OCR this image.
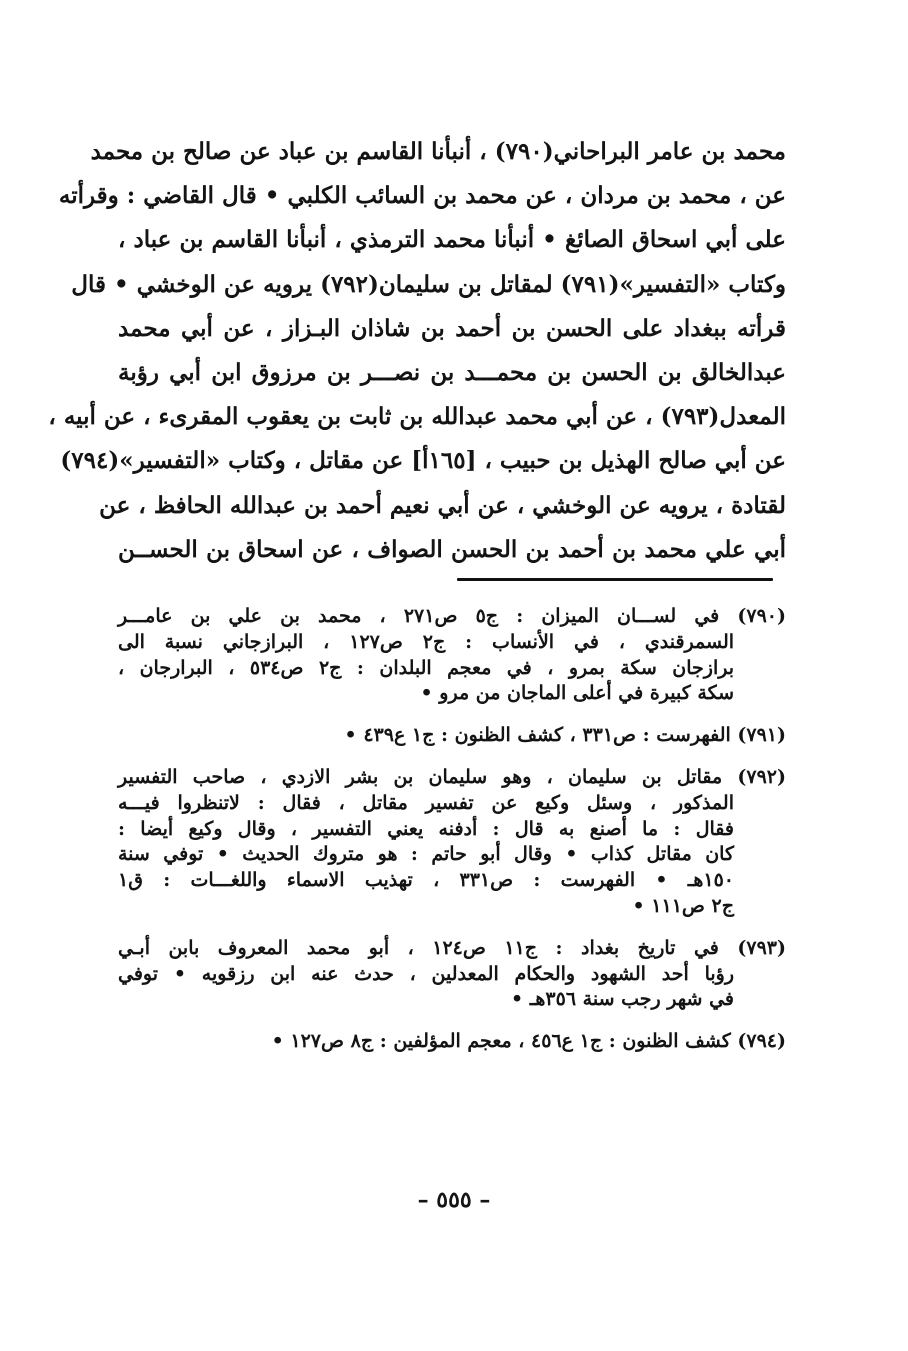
محمد بن عامر البراحاني(٧٩٠) ، أنبأنا القاسم بن عباد عن صالح بن محمد
عن ، محمد بن مردان ، عن محمد بن السائب الكلبي • قال القاضي : وقرأته
على أبي اسحاق الصائغ • أنبأنا محمد الترمذي ، أنبأنا القاسم بن عباد ،
وكتاب «التفسير»(٧٩١) لمقاتل بن سليمان(٧٩٢) يرويه عن الوخشي • قال
قرأته ببغداد على الحسن بن أحمد بن شاذان البـزاز ، عن أبي محمد
عبدالخالق بن الحسن بن محمـــد بن نصـــر بن مرزوق ابن أبي رؤبة
المعدل(٧٩٣) ، عن أبي محمد عبدالله بن ثابت بن يعقوب المقرىء ، عن أبيه ،
عن أبي صالح الهذيل بن حبيب ، [١٦٥أ] عن مقاتل ، وكتاب «التفسير»(٧٩٤)
لقتادة ، يرويه عن الوخشي ، عن أبي نعيم أحمد بن عبدالله الحافظ ، عن
أبي علي محمد بن أحمد بن الحسن الصواف ، عن اسحاق بن الحســن
(٧٩٠) في لســـان الميزان : ج٥ ص٢٧١ ، محمد بن علي بن عامـــر
السمرقندي ، في الأنساب : ج٢ ص١٢٧ ، البرازجاني نسبة الى
برازجان سكة بمرو ، في معجم البلدان : ج٢ ص٥٣٤ ، البرارجان ،
سكة كبيرة في أعلى الماجان من مرو •
(٧٩١) الفهرست : ص٣٣١ ، كشف الظنون : ج١ ع٤٣٩ •
(٧٩٢) مقاتل بن سليمان ، وهو سليمان بن بشر الازدي ، صاحب التفسير
المذكور ، وسئل وكيع عن تفسير مقاتل ، فقال : لاتنظروا فيـــه
فقال : ما أصنع به قال : أدفنه يعني التفسير ، وقال وكيع أيضا :
كان مقاتل كذاب • وقال أبو حاتم : هو متروك الحديث • توفي سنة
١٥٠هـ • الفهرست : ص٣٣١ ، تهذيب الاسماء واللغـــات : ق١
ج٢ ص١١١ •
(٧٩٣) في تاريخ بغداد : ج١١ ص١٢٤ ، أبو محمد المعروف بابن أبـي
رؤبا أحد الشهود والحكام المعدلين ، حدث عنه ابن رزقويه • توفي
في شهر رجب سنة ٣٥٦هـ •
(٧٩٤) كشف الظنون : ج١ ع٤٥٦ ، معجم المؤلفين : ج٨ ص١٢٧ •
– ٥٥٥ –
